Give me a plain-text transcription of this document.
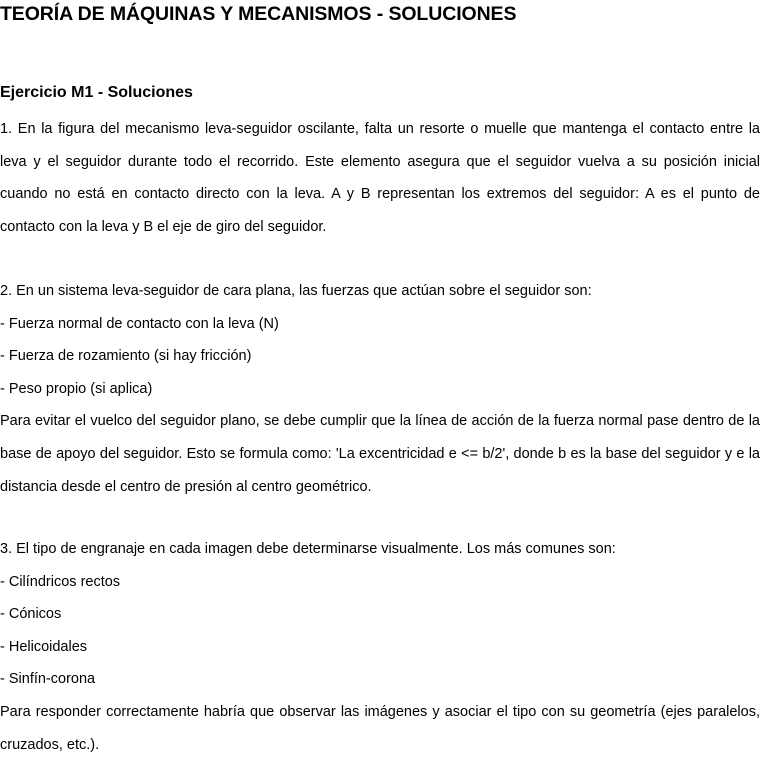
TEORÍA DE MÁQUINAS Y MECANISMOS - SOLUCIONES
Ejercicio M1 - Soluciones

1. En la figura del mecanismo leva-seguidor oscilante, falta un resorte o muelle que mantenga el contacto entre la leva y el seguidor durante todo el recorrido. Este elemento asegura que el seguidor vuelva a su posición inicial cuando no está en contacto directo con la leva. A y B representan los extremos del seguidor: A es el punto de contacto con la leva y B el eje de giro del seguidor.

2. En un sistema leva-seguidor de cara plana, las fuerzas que actúan sobre el seguidor son:

- Fuerza normal de contacto con la leva (N)

- Fuerza de rozamiento (si hay fricción)

- Peso propio (si aplica)

Para evitar el vuelco del seguidor plano, se debe cumplir que la línea de acción de la fuerza normal pase dentro de la base de apoyo del seguidor. Esto se formula como: 'La excentricidad e <= b/2', donde b es la base del seguidor y e la distancia desde el centro de presión al centro geométrico.

3. El tipo de engranaje en cada imagen debe determinarse visualmente. Los más comunes son:

- Cilíndricos rectos

- Cónicos

- Helicoidales

- Sinfín-corona

Para responder correctamente habría que observar las imágenes y asociar el tipo con su geometría (ejes paralelos, cruzados, etc.).
